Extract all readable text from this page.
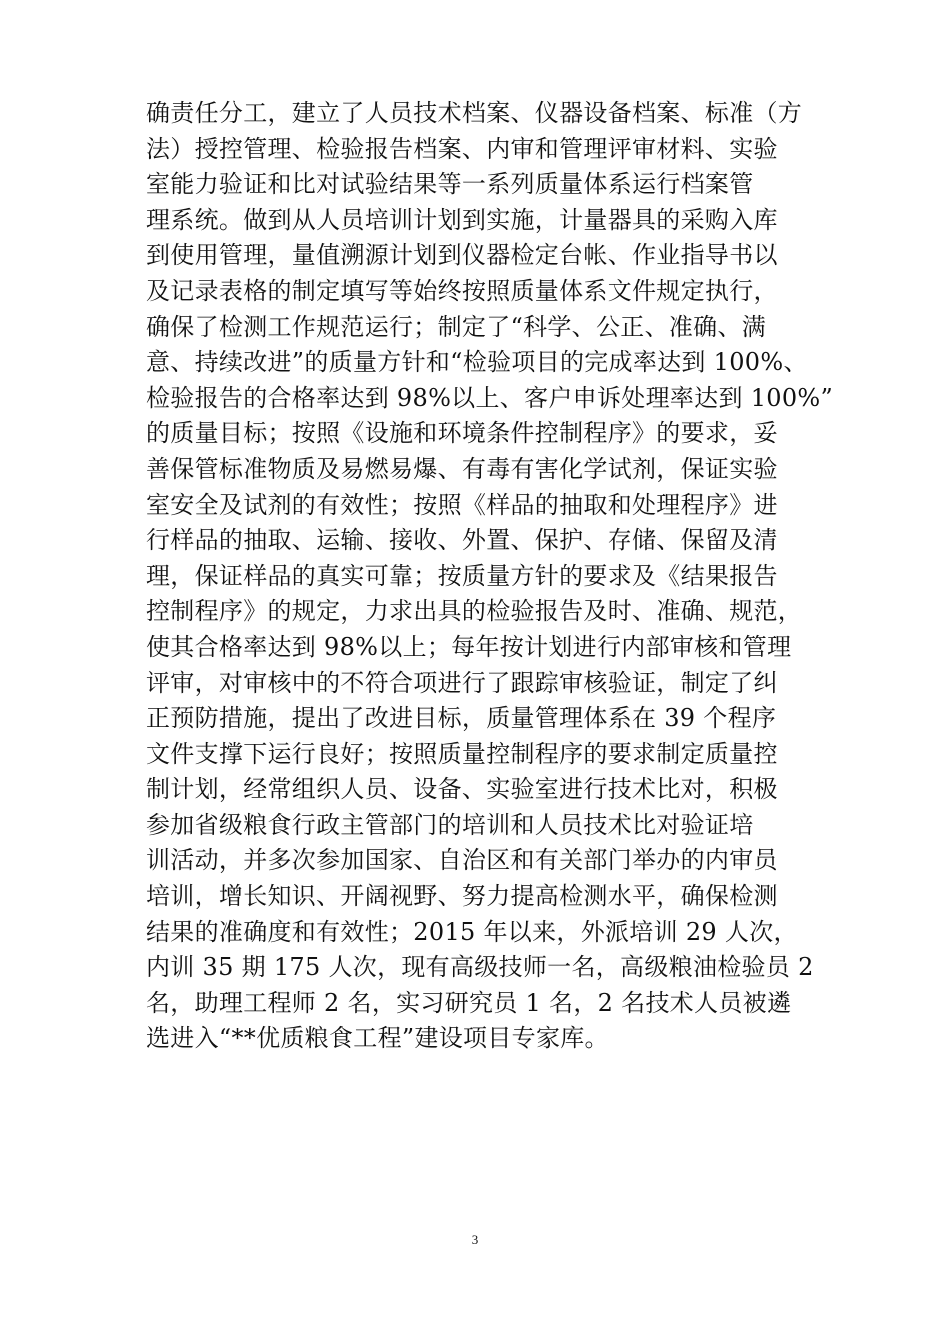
确责任分工，建立了人员技术档案、仪器设备档案、标准（方
法）授控管理、检验报告档案、内审和管理评审材料、实验
室能力验证和比对试验结果等一系列质量体系运行档案管
理系统。做到从人员培训计划到实施，计量器具的采购入库
到使用管理，量值溯源计划到仪器检定台帐、作业指导书以
及记录表格的制定填写等始终按照质量体系文件规定执行，
确保了检测工作规范运行；制定了“科学、公正、准确、满
意、持续改进”的质量方针和“检验项目的完成率达到 100%、
检验报告的合格率达到 98%以上、客户申诉处理率达到 100%”
的质量目标；按照《设施和环境条件控制程序》的要求，妥
善保管标准物质及易燃易爆、有毒有害化学试剂，保证实验
室安全及试剂的有效性；按照《样品的抽取和处理程序》进
行样品的抽取、运输、接收、外置、保护、存储、保留及清
理，保证样品的真实可靠；按质量方针的要求及《结果报告
控制程序》的规定，力求出具的检验报告及时、准确、规范，
使其合格率达到 98%以上；每年按计划进行内部审核和管理
评审，对审核中的不符合项进行了跟踪审核验证，制定了纠
正预防措施，提出了改进目标，质量管理体系在 39 个程序
文件支撑下运行良好；按照质量控制程序的要求制定质量控
制计划，经常组织人员、设备、实验室进行技术比对，积极
参加省级粮食行政主管部门的培训和人员技术比对验证培
训活动，并多次参加国家、自治区和有关部门举办的内审员
培训，增长知识、开阔视野、努力提高检测水平，确保检测
结果的准确度和有效性；2015 年以来，外派培训 29 人次，
内训 35 期 175 人次，现有高级技师一名，高级粮油检验员 2
名，助理工程师 2 名，实习研究员 1 名，2 名技术人员被遴
选进入“**优质粮食工程”建设项目专家库。
3
